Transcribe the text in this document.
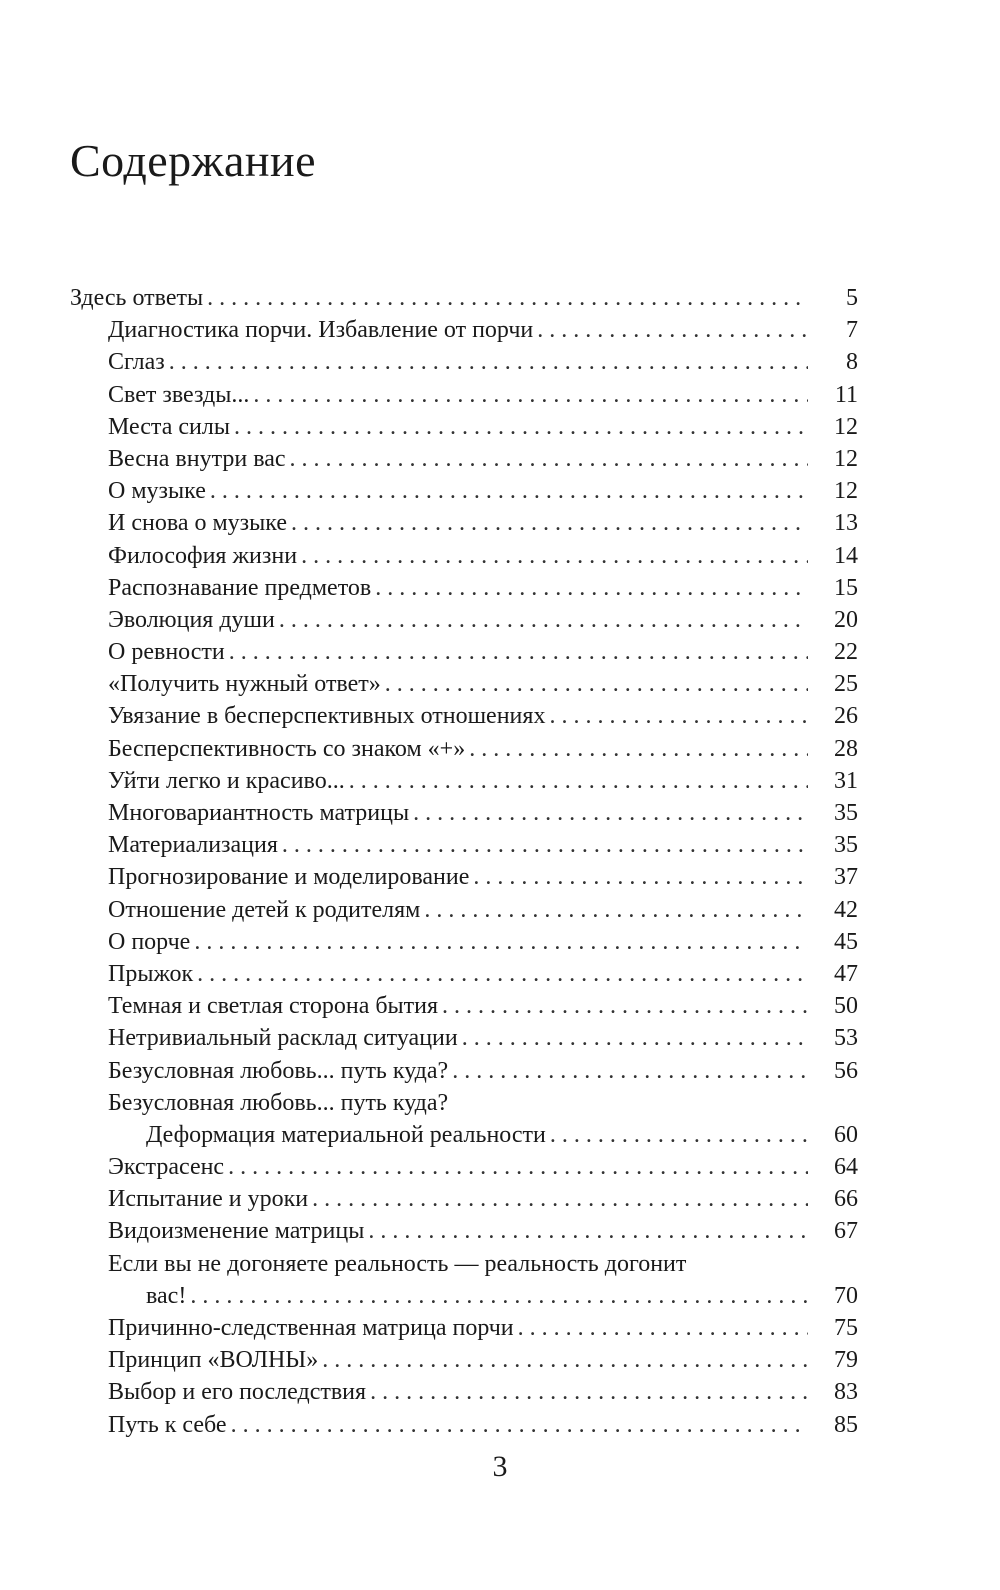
Содержание
Здесь ответы . . .	5
Диагностика порчи. Избавление от порчи . . .	7
Сглаз . . .	8
Свет звезды... . . .	11
Места силы . . .	12
Весна внутри вас . . .	12
О музыке . . .	12
И снова о музыке . . .	13
Философия жизни . . .	14
Распознавание предметов . . .	15
Эволюция души . . .	20
О ревности . . .	22
«Получить нужный ответ» . . .	25
Увязание в бесперспективных отношениях . . .	26
Бесперспективность со знаком «+» . . .	28
Уйти легко и красиво... . . .	31
Многовариантность матрицы . . .	35
Материализация . . .	35
Прогнозирование и моделирование . . .	37
Отношение детей к родителям . . .	42
О порче . . .	45
Прыжок . . .	47
Темная и светлая сторона бытия . . .	50
Нетривиальный расклад ситуации . . .	53
Безусловная любовь... путь куда? . . .	56
Безусловная любовь... путь куда?
Деформация материальной реальности . . .	60
Экстрасенс . . .	64
Испытание и уроки . . .	66
Видоизменение матрицы . . .	67
Если вы не догоняете реальность — реальность догонит
вас! . . .	70
Причинно-следственная матрица порчи . . .	75
Принцип «ВОЛНЫ» . . .	79
Выбор и его последствия . . .	83
Путь к себе . . .	85
3
